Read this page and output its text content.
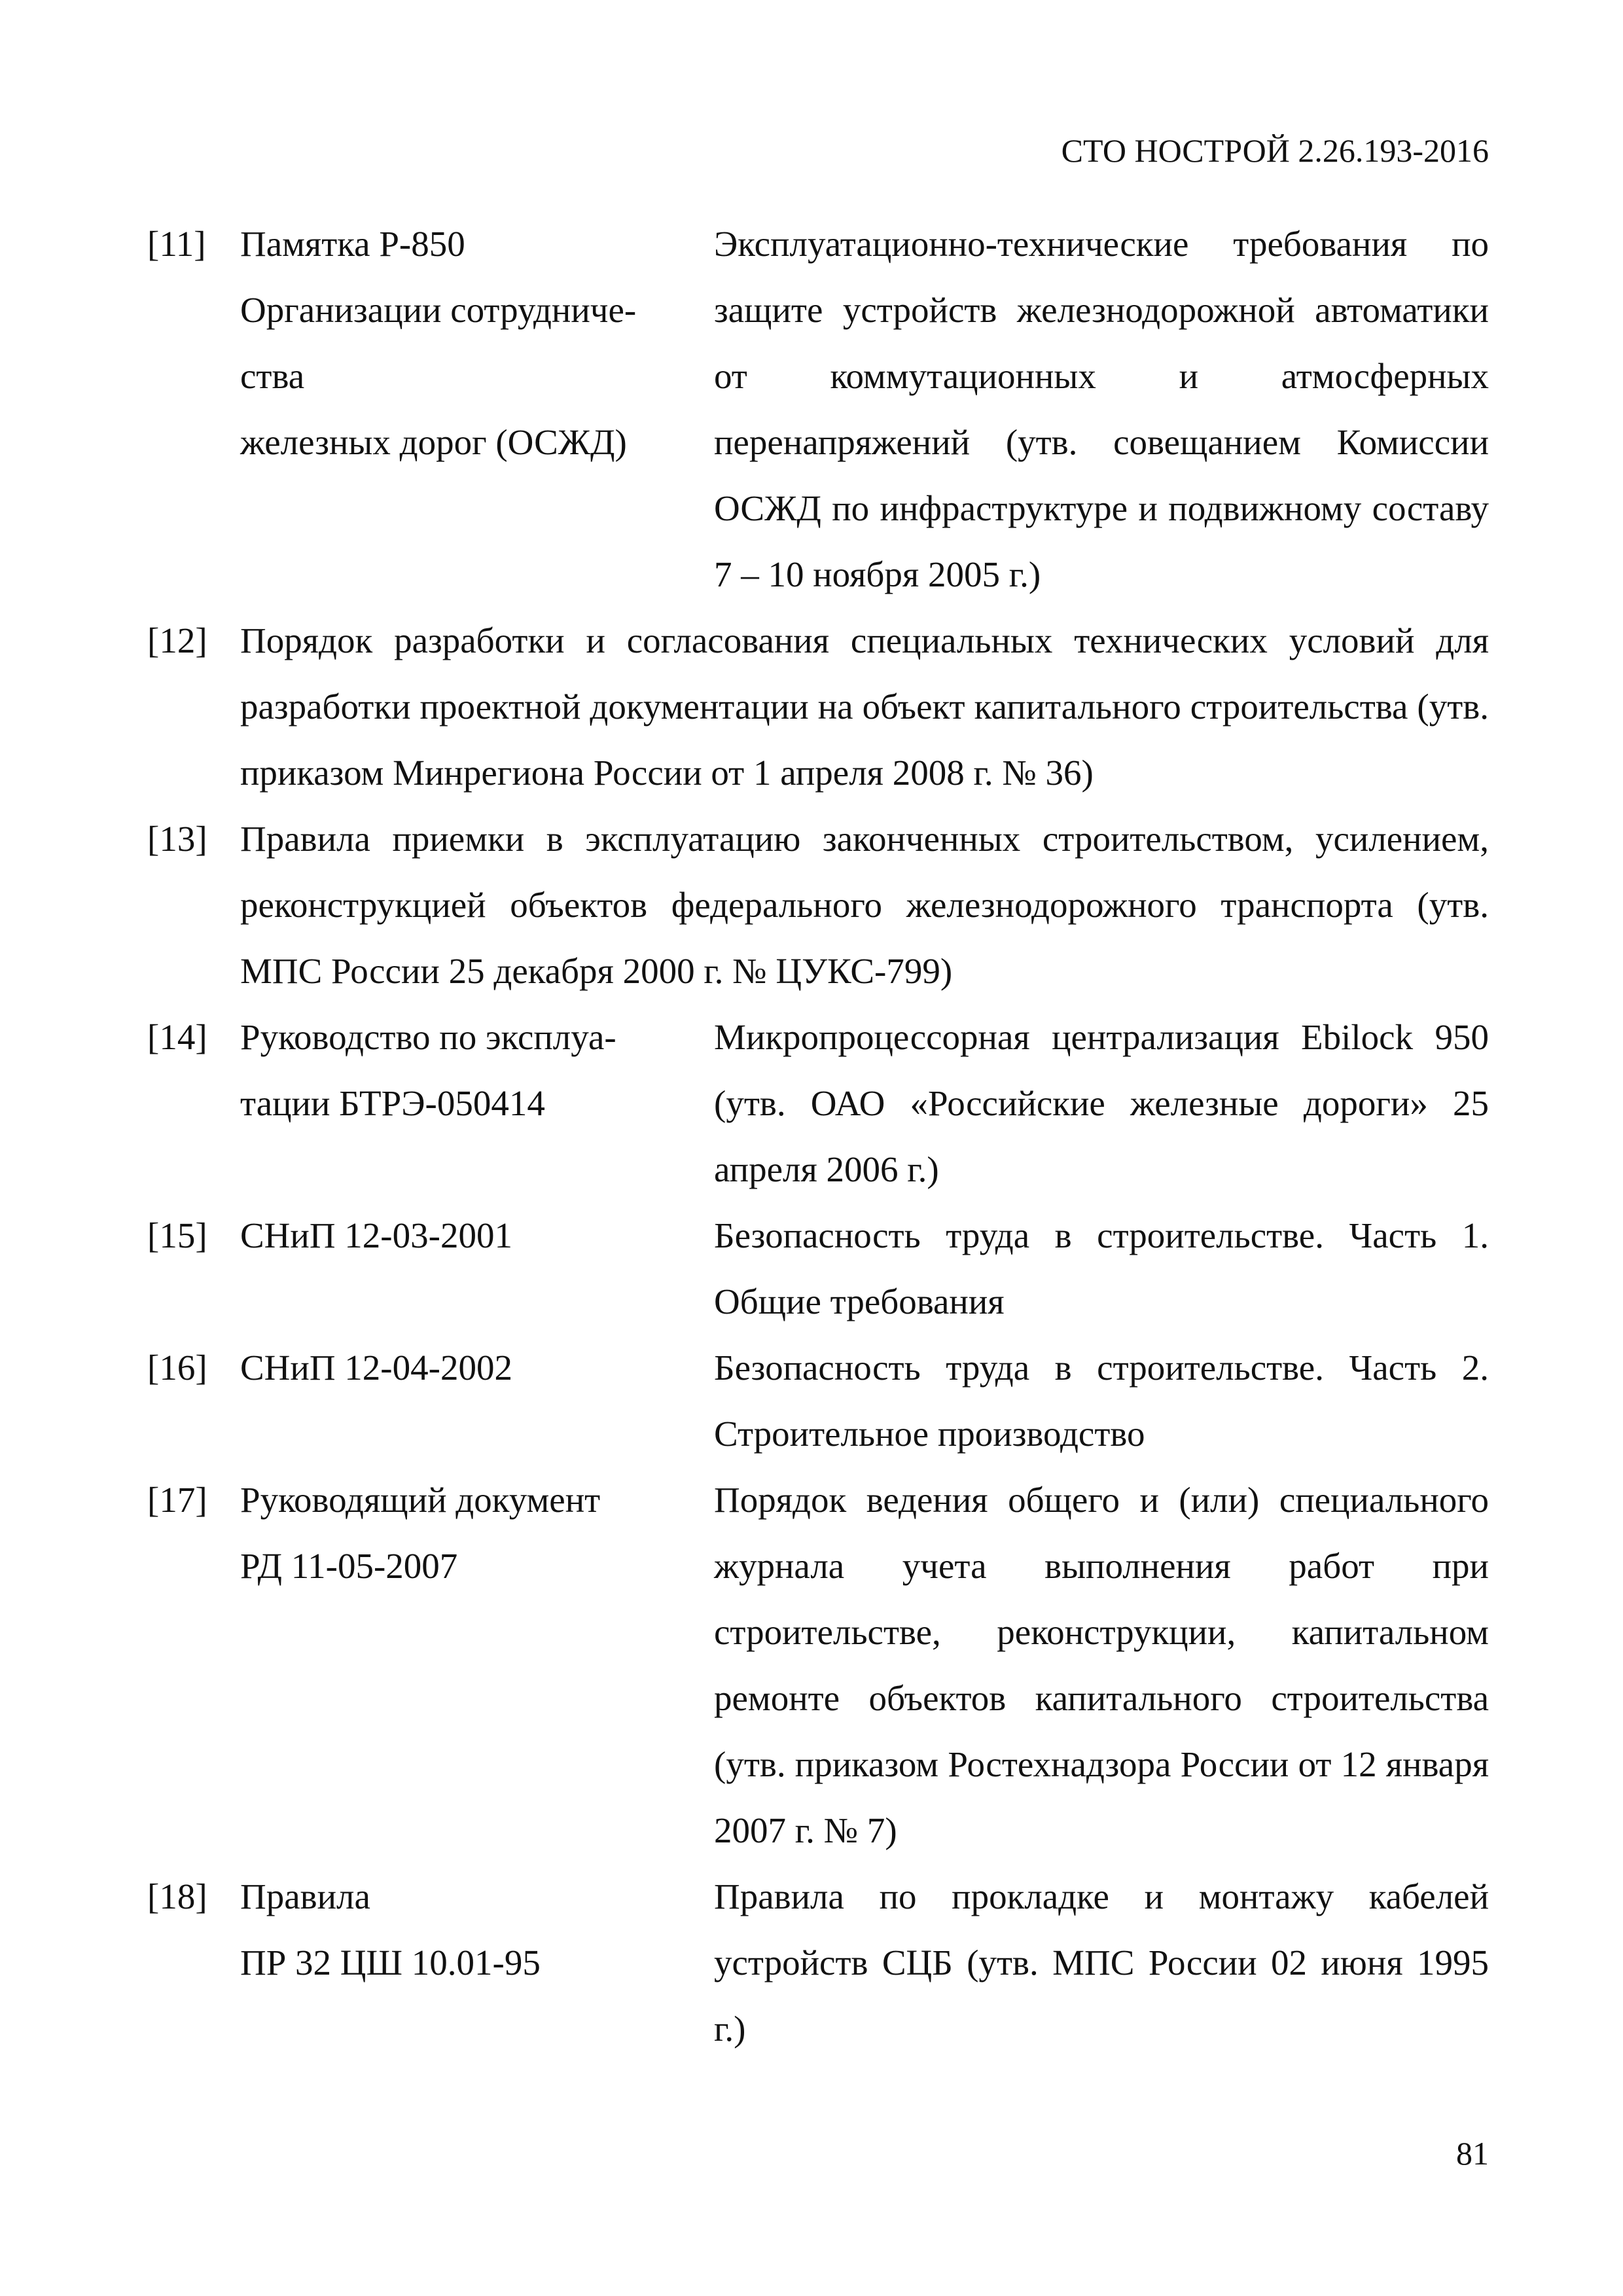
СТО НОСТРОЙ 2.26.193-2016
[11] Памятка Р-850
Организации сотрудниче-
ства
железных дорог (ОСЖД)
Эксплуатационно-технические требования по защите устройств железнодорожной автоматики от коммутационных и атмосферных перенапряжений (утв. совещанием Комиссии ОСЖД по инфраструктуре и подвижному составу 7 – 10 ноября 2005 г.)
[12] Порядок разработки и согласования специальных технических условий для разработки проектной документации на объект капитального строительства (утв. приказом Минрегиона России от 1 апреля 2008 г. № 36)
[13] Правила приемки в эксплуатацию законченных строительством, усилением, реконструкцией объектов федерального железнодорожного транспорта (утв. МПС России 25 декабря 2000 г. № ЦУКС-799)
[14] Руководство по эксплуа-
тации БТРЭ-050414
Микропроцессорная централизация Ebilock 950 (утв. ОАО «Российские железные дороги» 25 апреля 2006 г.)
[15] СНиП 12-03-2001	Безопасность труда в строительстве. Часть 1. Общие требования
[16] СНиП 12-04-2002	Безопасность труда в строительстве. Часть 2. Строительное производство
[17] Руководящий документ
РД 11-05-2007
Порядок ведения общего и (или) специального журнала учета выполнения работ при строительстве, реконструкции, капитальном ремонте объектов капитального строительства (утв. приказом Ростехнадзора России от 12 января 2007 г. № 7)
[18] Правила
ПР 32 ЦШ 10.01-95
Правила по прокладке и монтажу кабелей устройств СЦБ (утв. МПС России 02 июня 1995 г.)
81
